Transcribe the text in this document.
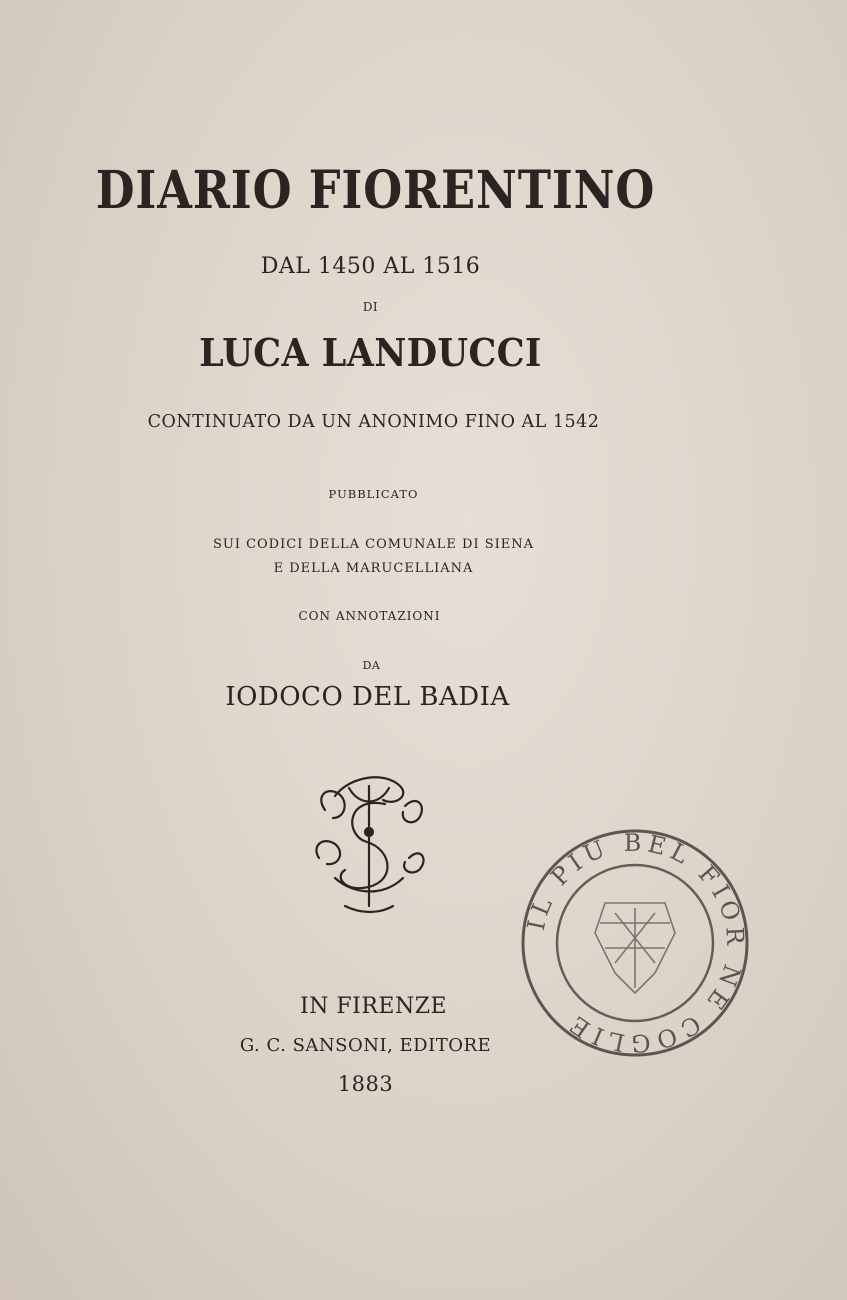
DIARIO FIORENTINO
DAL 1450 AL 1516
DI
LUCA LANDUCCI
CONTINUATO DA UN ANONIMO FINO AL 1542
PUBBLICATO
SUI CODICI DELLA COMUNALE DI SIENA
E DELLA MARUCELLIANA
CON ANNOTAZIONI
DA
IODOCO DEL BADIA
IN FIRENZE
G. C. SANSONI, EDITORE
1883
IL PIU BEL FIOR NE COGLIE
